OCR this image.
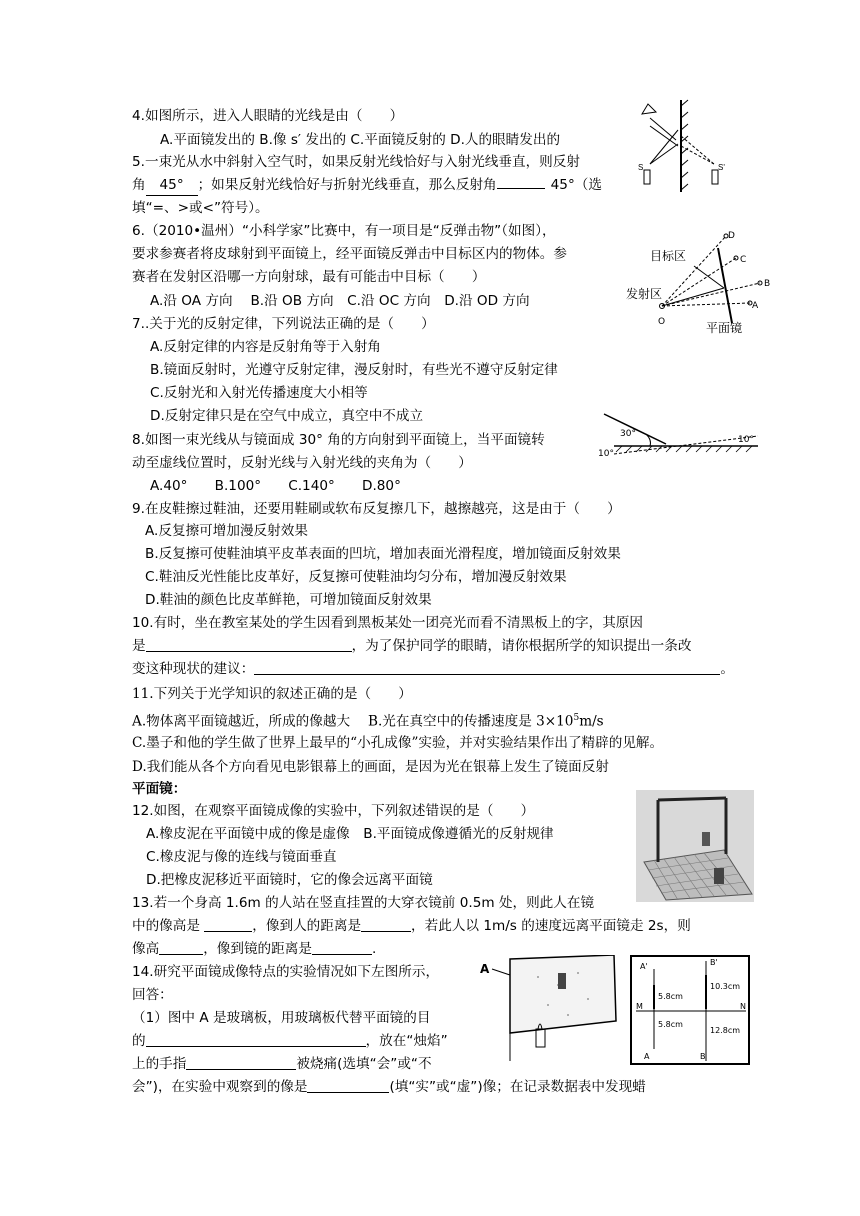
4.如图所示，进入人眼睛的光线是由（　　）
A.平面镜发出的 B.像 s′ 发出的 C.平面镜反射的 D.人的眼睛发出的
S	S'
5.一束光从水中斜射入空气时，如果反射光线恰好与入射光线垂直，则反射
角 45° ；如果反射光线恰好与折射光线垂直，那么反射角	45°（选
填“=、>或<”符号）。
6.（2010•温州）“小科学家”比赛中，有一项目是“反弹击物”（如图），
要求参赛者将皮球射到平面镜上，经平面镜反弹击中目标区内的物体。参
赛者在发射区沿哪一方向射球，最有可能击中目标（　　）
A.沿 OA 方向　 B.沿 OB 方向　C.沿 OC 方向　D.沿 OD 方向
目标区
发射区
平面镜
O
A
B
C
D
7..关于光的反射定律，下列说法正确的是（　　）
A.反射定律的内容是反射角等于入射角
B.镜面反射时，光遵守反射定律，漫反射时，有些光不遵守反射定律
C.反射光和入射光传播速度大小相等
D.反射定律只是在空气中成立，真空中不成立
8.如图一束光线从与镜面成 30° 角的方向射到平面镜上，当平面镜转
动至虚线位置时，反射光线与入射光线的夹角为（　　）
A.40°　　B.100°　　C.140°　　D.80°
30°
10°
10°
9.在皮鞋擦过鞋油，还要用鞋刷或软布反复擦几下，越擦越亮，这是由于（　　）
A.反复擦可增加漫反射效果
B.反复擦可使鞋油填平皮革表面的凹坑，增加表面光滑程度，增加镜面反射效果
C.鞋油反光性能比皮革好，反复擦可使鞋油均匀分布，增加漫反射效果
D.鞋油的颜色比皮革鲜艳，可增加镜面反射效果
10.有时，坐在教室某处的学生因看到黑板某处一团亮光而看不清黑板上的字，其原因
是	，为了保护同学的眼睛，请你根据所学的知识提出一条改
变这种现状的建议：	。
11.下列关于光学知识的叙述正确的是（　　）
A.物体离平面镜越近，所成的像越大　 B.光在真空中的传播速度是 $3\times 10^5m/s$
C.墨子和他的学生做了世界上最早的“小孔成像”实验，并对实验结果作出了精辟的见解。
D.我们能从各个方向看见电影银幕上的画面，是因为光在银幕上发生了镜面反射
平面镜：
12.如图，在观察平面镜成像的实验中，下列叙述错误的是（　　）
A.橡皮泥在平面镜中成的像是虚像　B.平面镜成像遵循光的反射规律
C.橡皮泥与像的连线与镜面垂直
D.把橡皮泥移近平面镜时，它的像会远离平面镜
13.若一个身高 1.6m 的人站在竖直挂置的大穿衣镜前 0.5m 处，则此人在镜
中的像高是	，像到人的距离是	，若此人以 1m/s 的速度远离平面镜走 2s，则
像高	，像到镜的距离是	.
14.研究平面镜成像特点的实验情况如下左图所示，
回答：
（1）图中 A 是玻璃板，用玻璃板代替平面镜的目
的	，放在“烛焰”
上的手指	被烧痛(选填“会”或“不
会”)，在实验中观察到的像是	(填“实”或“虚”)像；在记录数据表中发现蜡
A	A'	B'
M	N
A	B
5.8cm
5.8cm
10.3cm
12.8cm
